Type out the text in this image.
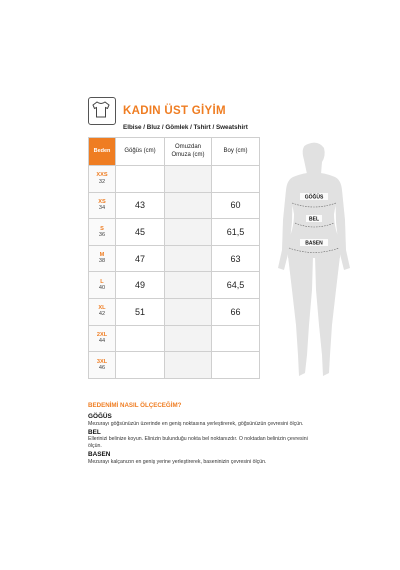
KADIN ÜST GİYİM
Elbise / Bluz / Gömlek / Tshirt / Sweatshirt
Beden	Göğüs (cm)	Omuzdan Omuza (cm)	Boy (cm)

XXS
32			

XS
34	43		60

S
36	45		61,5

M
38	47		63

L
40	49		64,5

XL
42	51		66

2XL
44			

3XL
46			

GÖĞÜS
BEL
BASEN

BEDENİMİ NASIL ÖLÇECEĞİM?

GÖĞÜS

Mezurayı göğsünüzün üzerinde en geniş noktasına yerleştirerek, göğsünüzün çevresini ölçün.

BEL

Ellerinizi belinize koyun. Elinizin bulunduğu nokta bel noktanızdır. O noktadan belinizin çevresini ölçün.

BASEN

Mezurayı kalçanızın en geniş yerine yerleştirerek, baseninizin çevresini ölçün.
